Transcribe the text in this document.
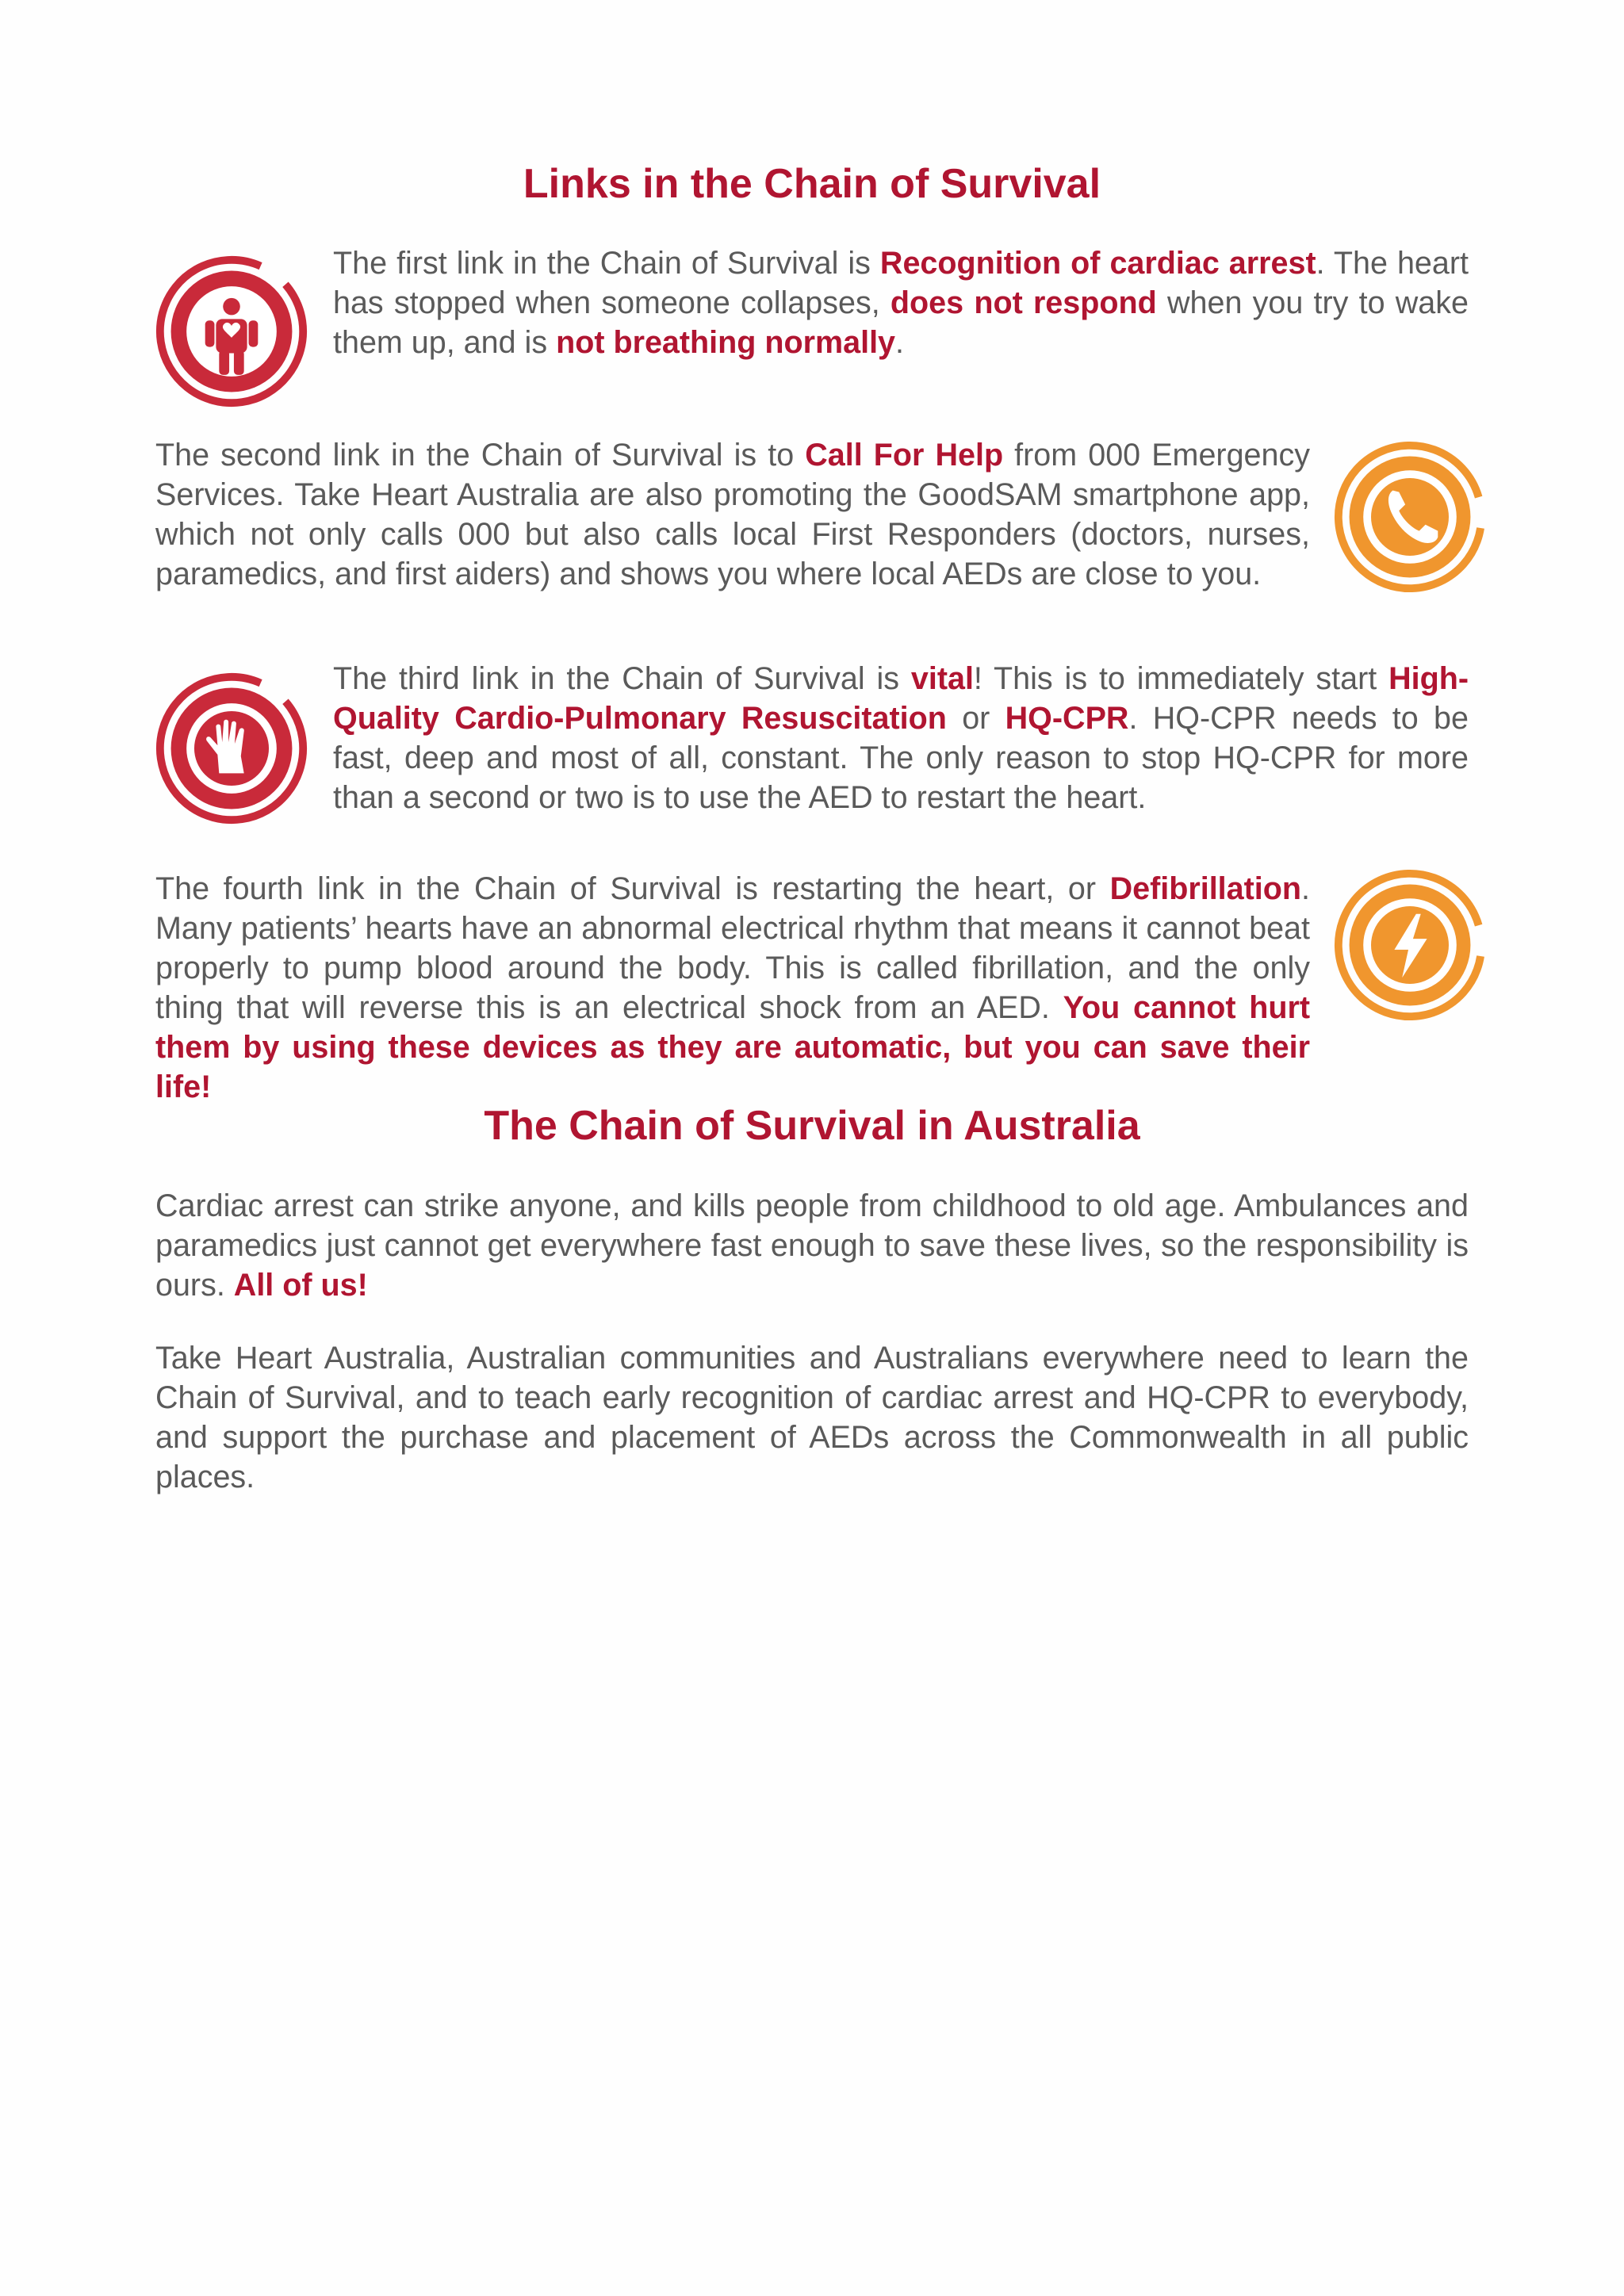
Links in the Chain of Survival

The first link in the Chain of Survival is Recognition of cardiac arrest. The heart has stopped when someone collapses, does not respond when you try to wake them up, and is not breathing normally.

The second link in the Chain of Survival is to Call For Help from 000 Emergency Services. Take Heart Australia are also promoting the GoodSAM smartphone app, which not only calls 000 but also calls local First Responders (doctors, nurses, paramedics, and first aiders) and shows you where local AEDs are close to you.

The third link in the Chain of Survival is vital! This is to immediately start High-Quality Cardio-Pulmonary Resuscitation or HQ-CPR. HQ-CPR needs to be fast, deep and most of all, constant. The only reason to stop HQ-CPR for more than a second or two is to use the AED to restart the heart.

The fourth link in the Chain of Survival is restarting the heart, or Defibrillation. Many patients’ hearts have an abnormal electrical rhythm that means it cannot beat properly to pump blood around the body. This is called fibrillation, and the only thing that will reverse this is an electrical shock from an AED. You cannot hurt them by using these devices as they are automatic, but you can save their life!

The Chain of Survival in Australia

Cardiac arrest can strike anyone, and kills people from childhood to old age. Ambulances and paramedics just cannot get everywhere fast enough to save these lives, so the responsibility is ours. All of us!

Take Heart Australia, Australian communities and Australians everywhere need to learn the Chain of Survival, and to teach early recognition of cardiac arrest and HQ-CPR to everybody, and support the purchase and placement of AEDs across the Commonwealth in all public places.
